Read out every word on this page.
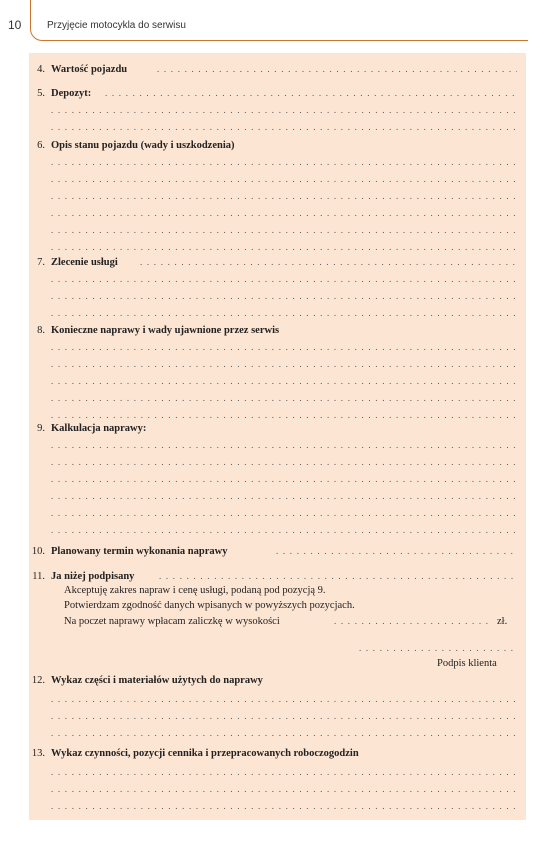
10	Przyjęcie motocykla do serwisu
4. Wartość pojazdu
. . .
5. Depozyt:
. . .
. . .
. . .
6. Opis stanu pojazdu (wady i uszkodzenia)
. . .
. . .
. . .
. . .
. . .
. . .
7. Zlecenie usługi
. . .
. . .
. . .
. . .
8. Konieczne naprawy i wady ujawnione przez serwis
. . .
. . .
. . .
. . .
. . .
9. Kalkulacja naprawy:
. . .
. . .
. . .
. . .
. . .
. . .
10. Planowany termin wykonania naprawy
. . .
11. Ja niżej podpisany
. . .
Akceptuję zakres napraw i cenę usługi, podaną pod pozycją 9.
Potwierdzam zgodność danych wpisanych w powyższych pozycjach.
Na poczet naprawy wpłacam zaliczkę w wysokości
. . .	zł.
. . .
Podpis klienta
12. Wykaz części i materiałów użytych do naprawy
. . .
. . .
. . .
13. Wykaz czynności, pozycji cennika i przepracowanych roboczogodzin
. . .
. . .
. . .
